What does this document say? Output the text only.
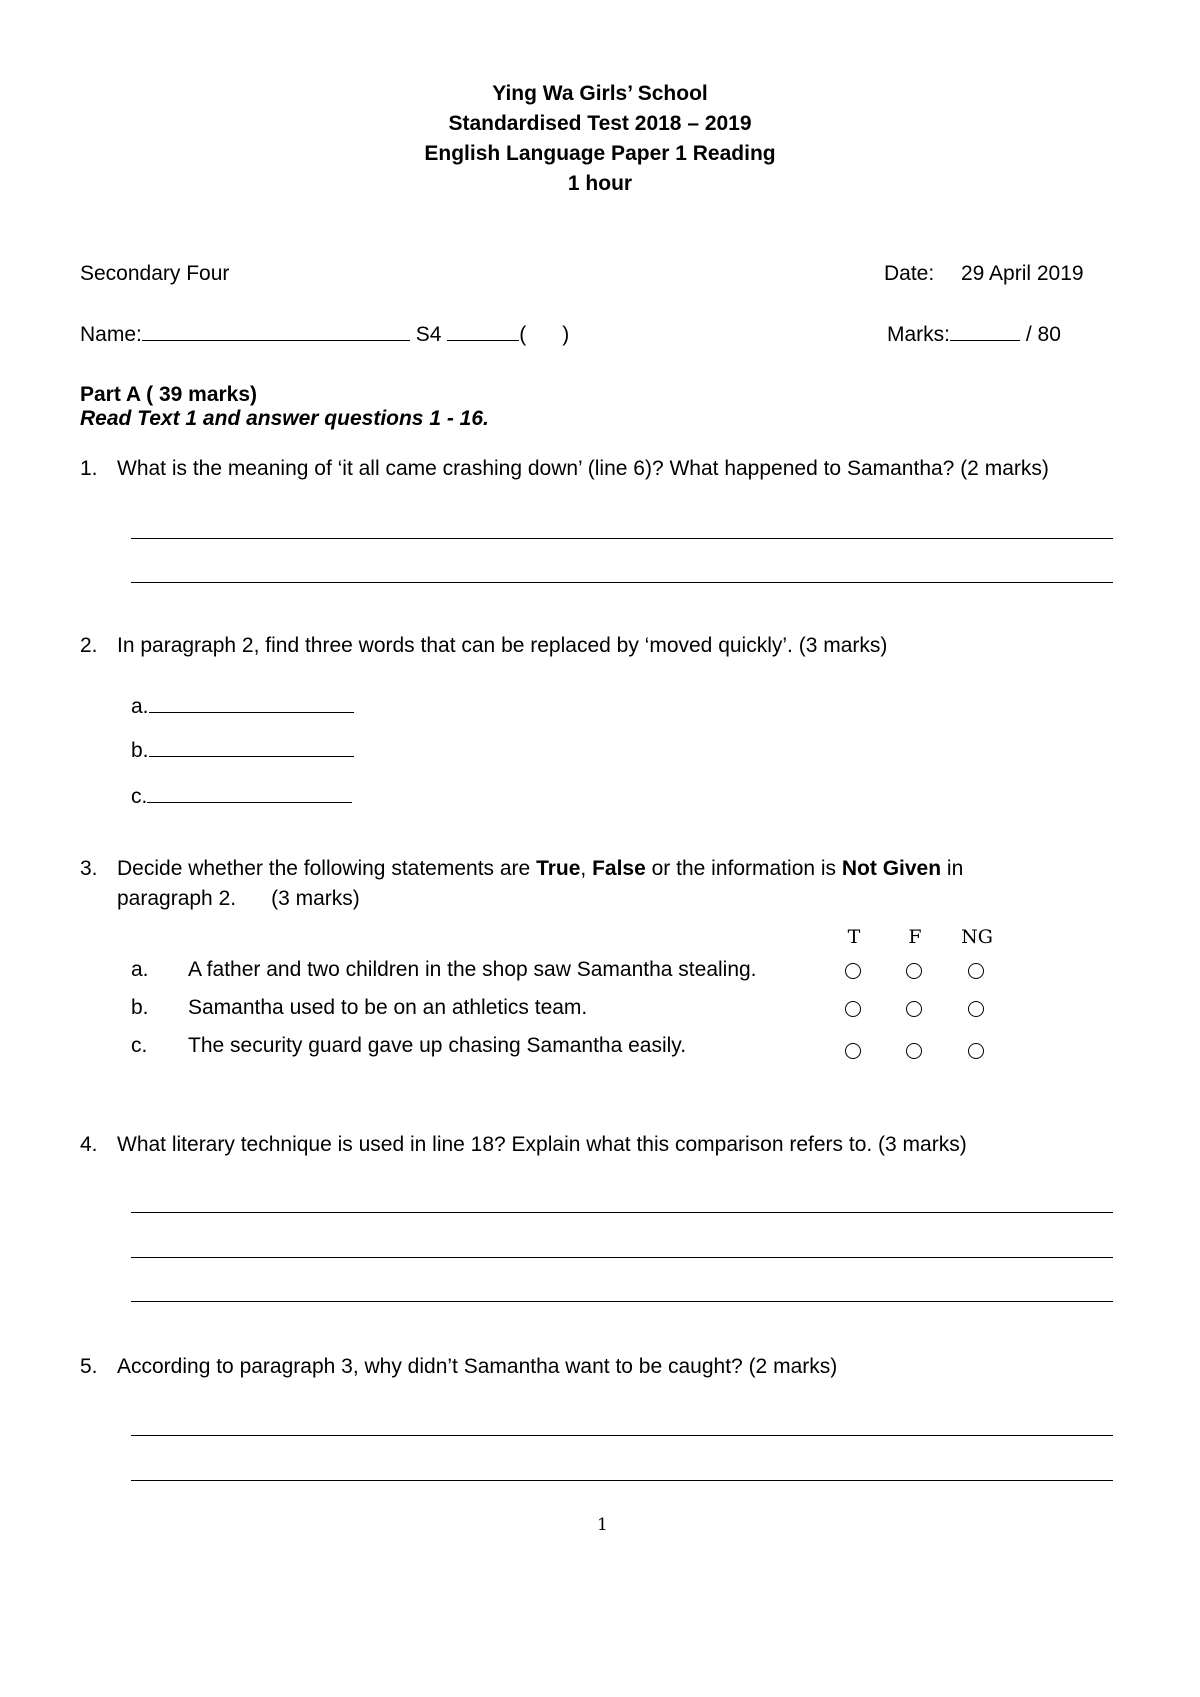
Ying Wa Girls’ School
Standardised Test 2018 – 2019
English Language Paper 1 Reading
1 hour
Secondary Four	Date: 29 April 2019
Name:	S4	( )	Marks:	/ 80
Part A ( 39 marks)
Read Text 1 and answer questions 1 - 16.
1. What is the meaning of ‘it all came crashing down’ (line 6)? What happened to Samantha? (2 marks)
2. In paragraph 2, find three words that can be replaced by ‘moved quickly’. (3 marks)
a.
b.
c.
3. Decide whether the following statements are True, False or the information is Not Given in
paragraph 2.      (3 marks)
T	F	NG
a. A father and two children in the shop saw Samantha stealing.
b. Samantha used to be on an athletics team.
c. The security guard gave up chasing Samantha easily.
4. What literary technique is used in line 18? Explain what this comparison refers to. (3 marks)
5. According to paragraph 3, why didn’t Samantha want to be caught? (2 marks)
1
